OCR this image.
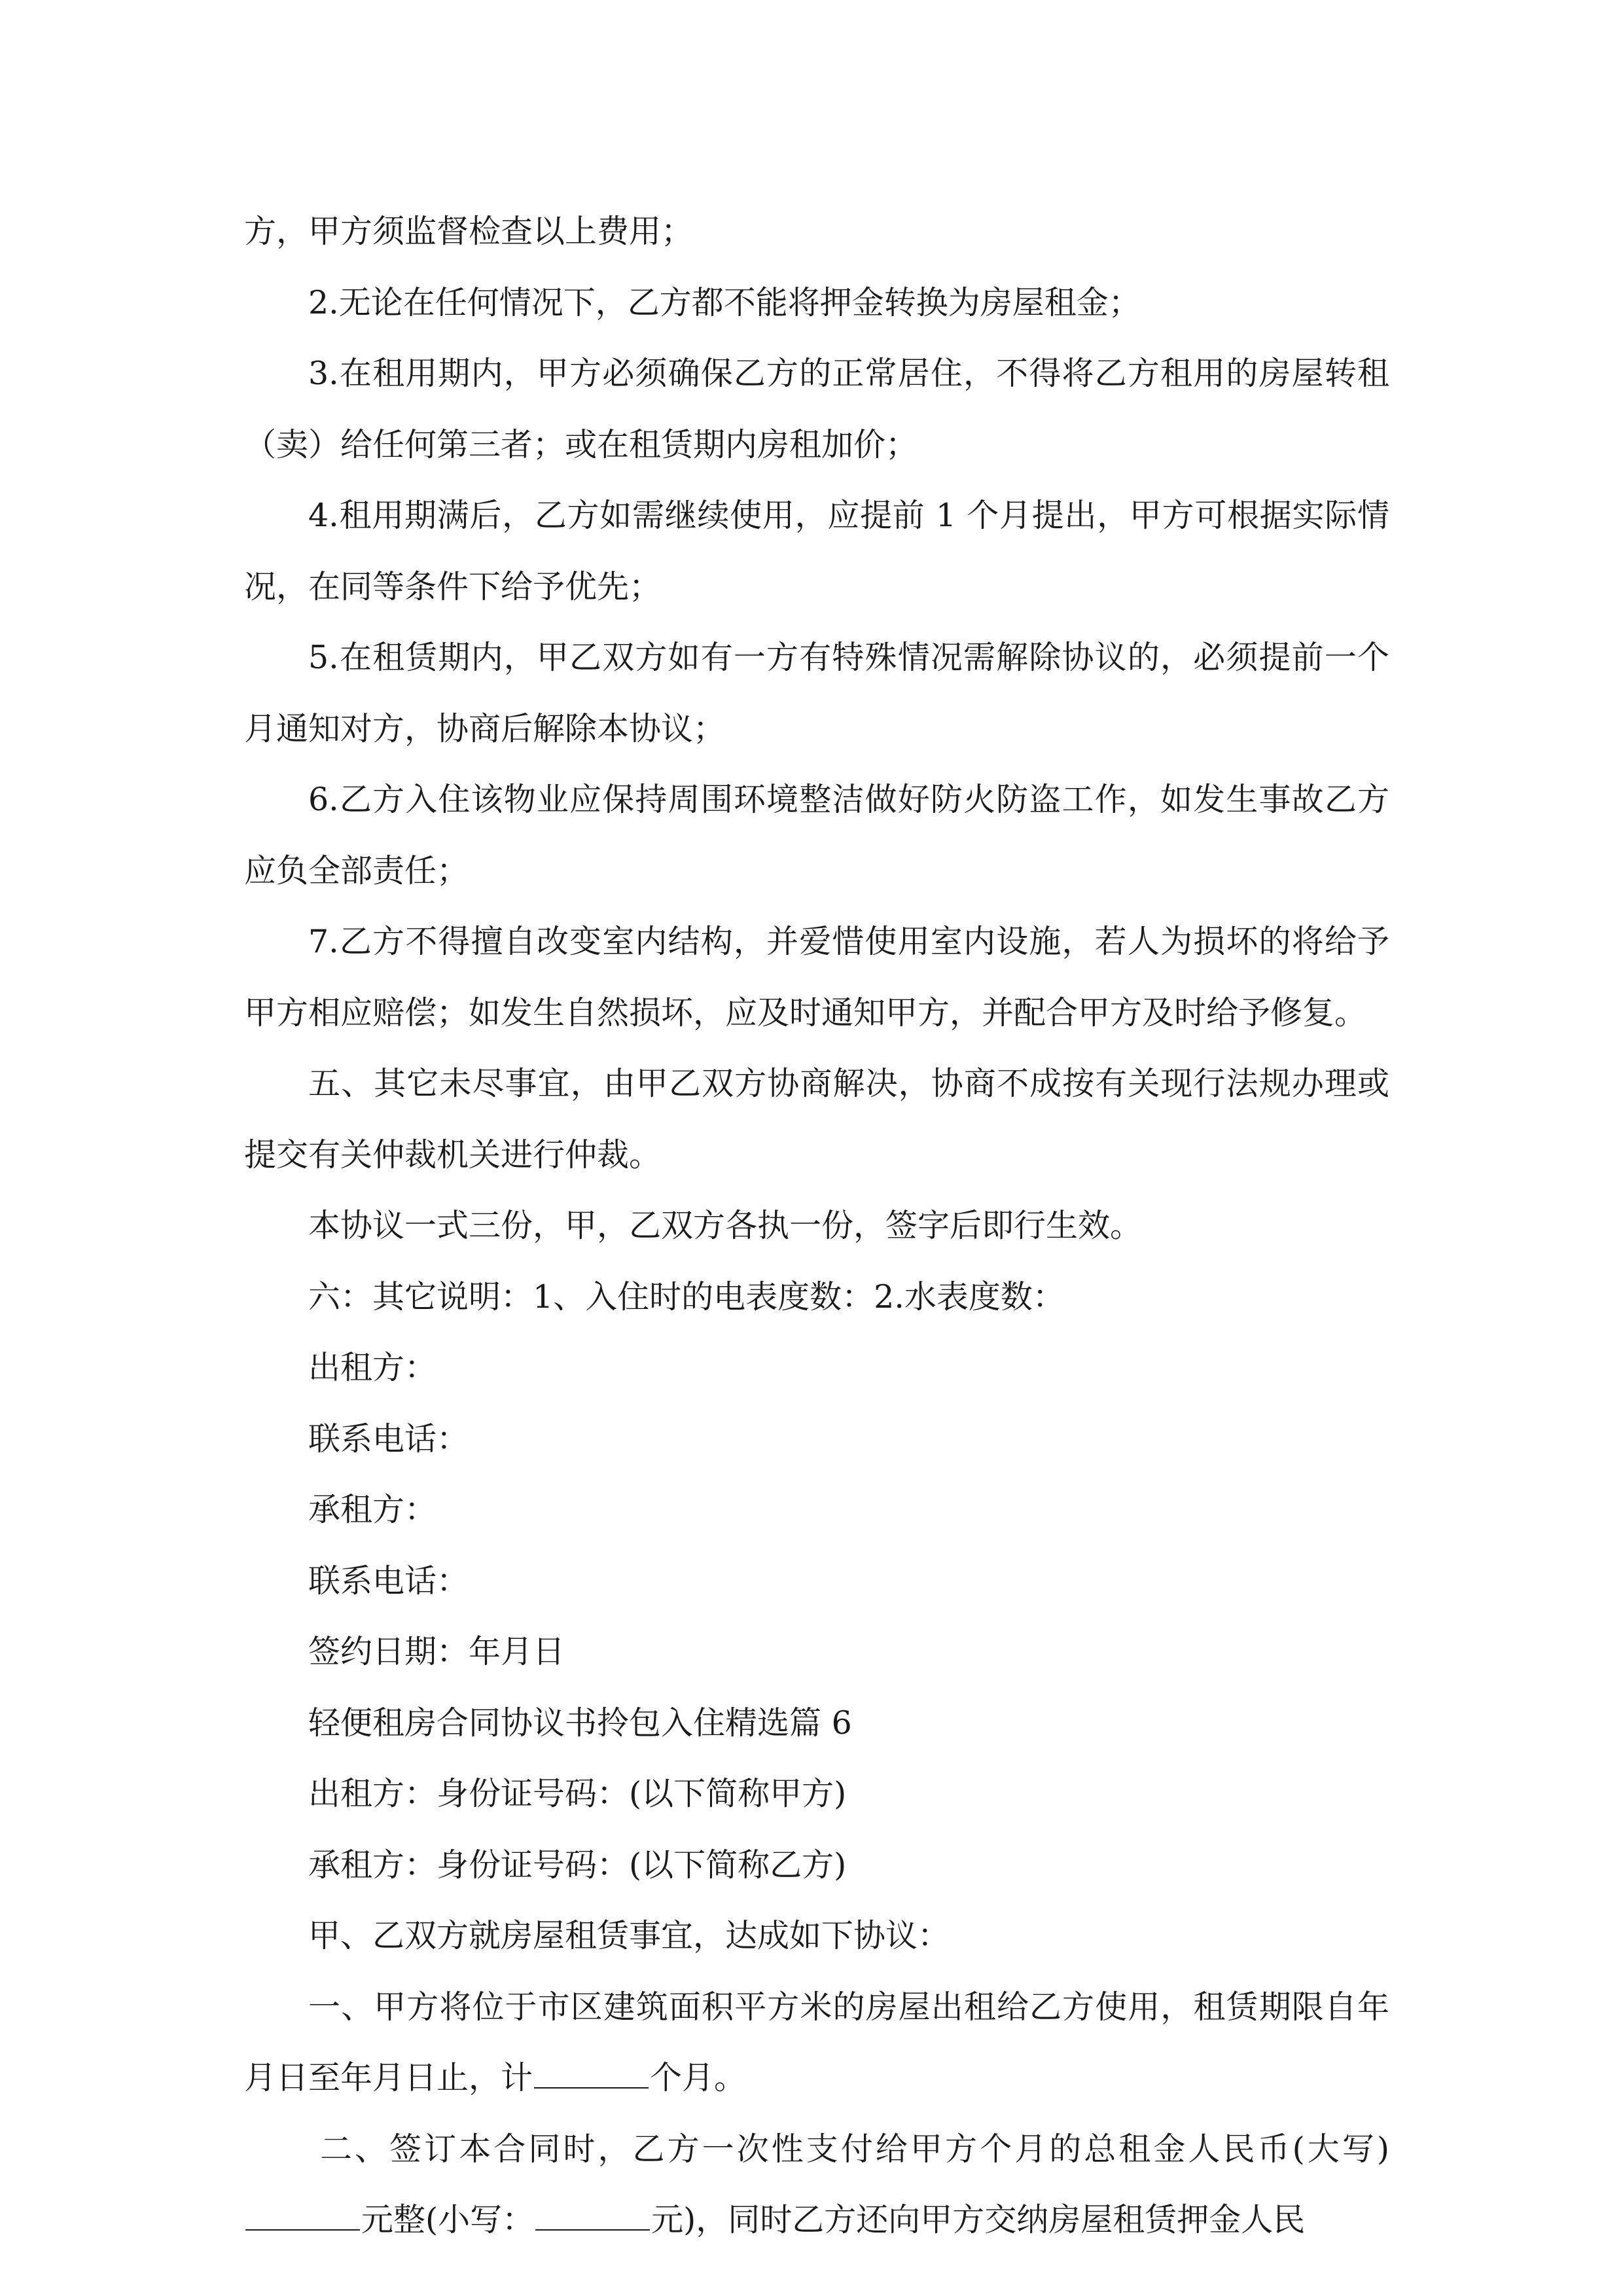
方，甲方须监督检查以上费用；

2.无论在任何情况下，乙方都不能将押金转换为房屋租金；

3.在租用期内，甲方必须确保乙方的正常居住，不得将乙方租用的房屋转租（卖）给任何第三者；或在租赁期内房租加价；

4.租用期满后，乙方如需继续使用，应提前 1 个月提出，甲方可根据实际情况，在同等条件下给予优先；

5.在租赁期内，甲乙双方如有一方有特殊情况需解除协议的，必须提前一个月通知对方，协商后解除本协议；

6.乙方入住该物业应保持周围环境整洁做好防火防盗工作，如发生事故乙方应负全部责任；

7.乙方不得擅自改变室内结构，并爱惜使用室内设施，若人为损坏的将给予甲方相应赔偿；如发生自然损坏，应及时通知甲方，并配合甲方及时给予修复。

五、其它未尽事宜，由甲乙双方协商解决，协商不成按有关现行法规办理或提交有关仲裁机关进行仲裁。

本协议一式三份，甲，乙双方各执一份，签字后即行生效。

六：其它说明：1、入住时的电表度数：2.水表度数：

出租方：

联系电话：

承租方：

联系电话：

签约日期：年月日

轻便租房合同协议书拎包入住精选篇 6

出租方：身份证号码：(以下简称甲方)

承租方：身份证号码：(以下简称乙方)

甲、乙双方就房屋租赁事宜，达成如下协议：

一、甲方将位于市区建筑面积平方米的房屋出租给乙方使用，租赁期限自年月日至年月日止，计	个月。

二、签订本合同时，乙方一次性支付给甲方个月的总租金人民币(大写)元整(小写：	元)，同时乙方还向甲方交纳房屋租赁押金人民
